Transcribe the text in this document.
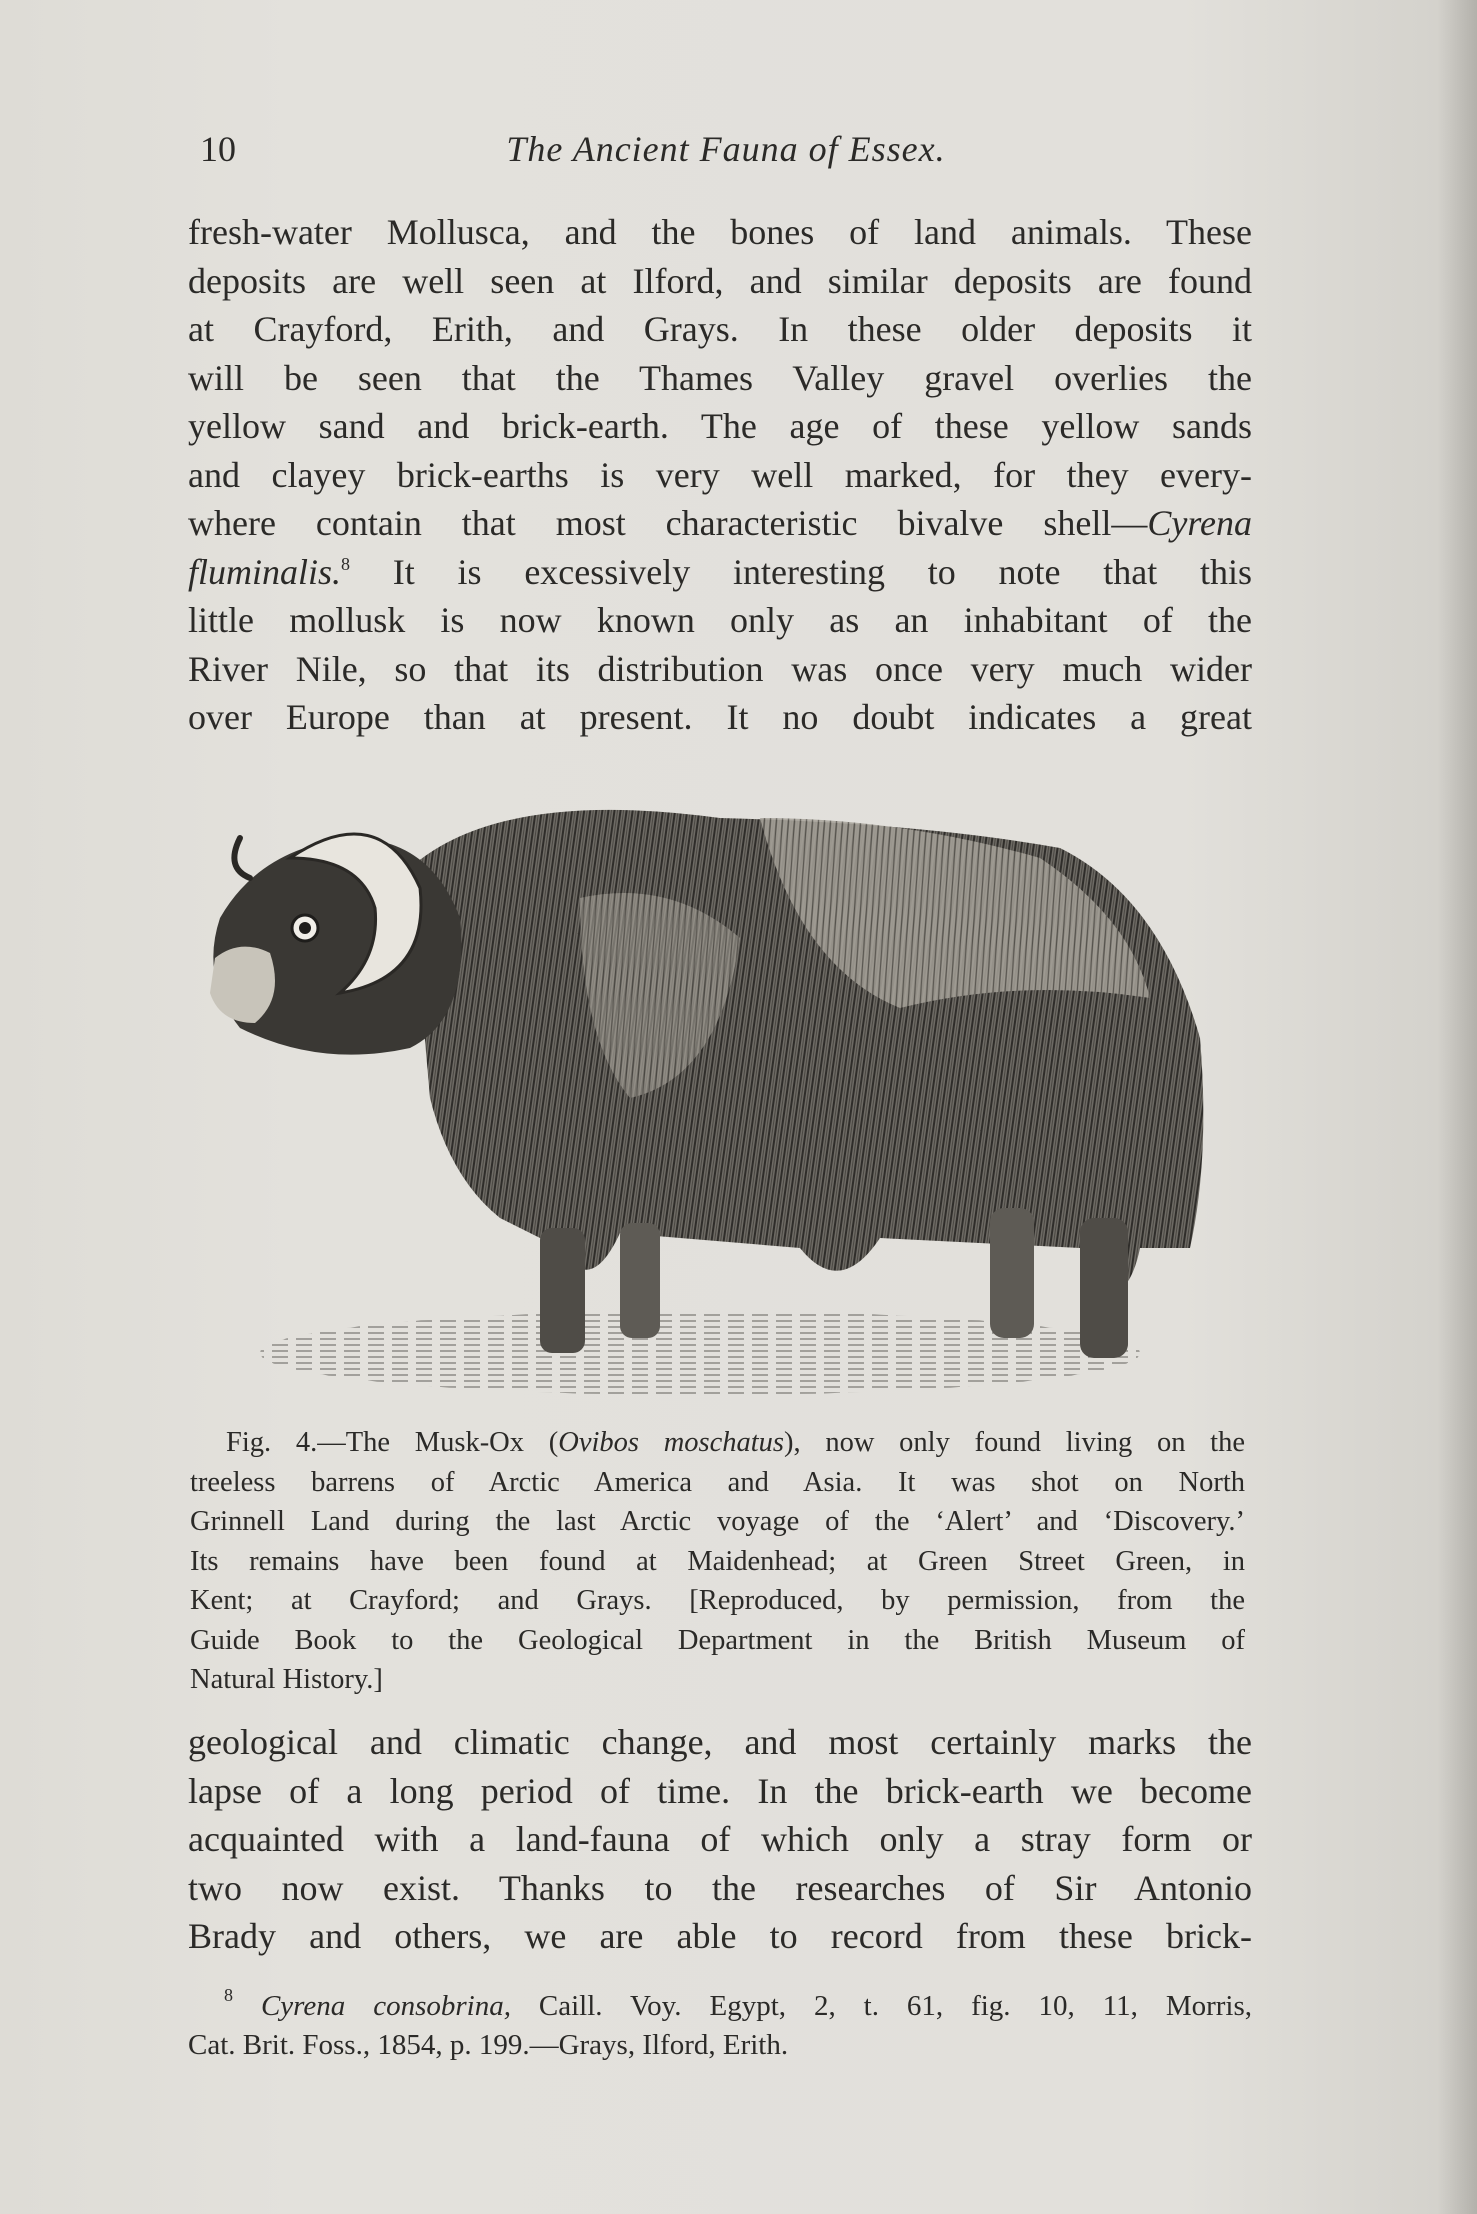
10	The Ancient Fauna of Essex.
fresh-water Mollusca, and the bones of land animals. These
deposits are well seen at Ilford, and similar deposits are found
at Crayford, Erith, and Grays. In these older deposits it
will be seen that the Thames Valley gravel overlies the
yellow sand and brick-earth. The age of these yellow sands
and clayey brick-earths is very well marked, for they every-
where contain that most characteristic bivalve shell—Cyrena
fluminalis.$^8$ It is excessively interesting to note that this
little mollusk is now known only as an inhabitant of the
River Nile, so that its distribution was once very much wider
over Europe than at present. It no doubt indicates a great
Fig. 4.—The Musk-Ox (Ovibos moschatus), now only found living on the
treeless barrens of Arctic America and Asia. It was shot on North
Grinnell Land during the last Arctic voyage of the ‘Alert’ and ‘Discovery.’
Its remains have been found at Maidenhead; at Green Street Green, in
Kent; at Crayford; and Grays. [Reproduced, by permission, from the
Guide Book to the Geological Department in the British Museum of
Natural History.]
geological and climatic change, and most certainly marks the
lapse of a long period of time. In the brick-earth we become
acquainted with a land-fauna of which only a stray form or
two now exist. Thanks to the researches of Sir Antonio
Brady and others, we are able to record from these brick-
$^8$ Cyrena consobrina, Caill. Voy. Egypt, 2, t. 61, fig. 10, 11, Morris,
Cat. Brit. Foss., 1854, p. 199.—Grays, Ilford, Erith.
